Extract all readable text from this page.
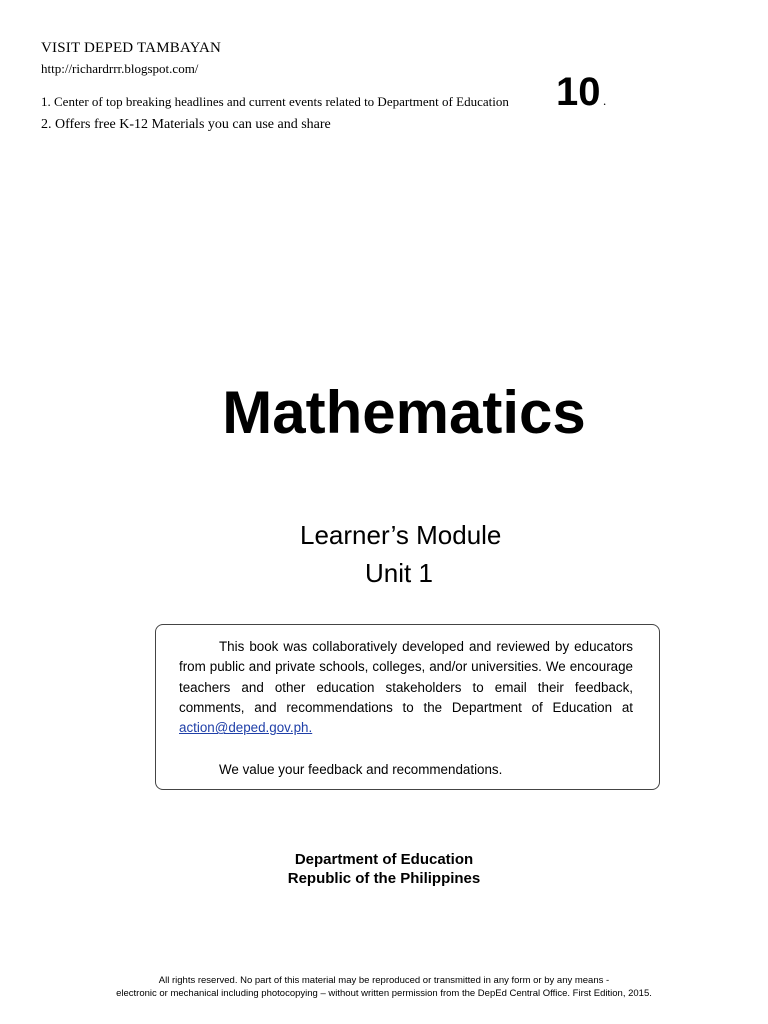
VISIT DEPED TAMBAYAN
http://richardrrr.blogspot.com/
1. Center of top breaking headlines and current events related to Department of Education
2. Offers free K-12 Materials you can use and share
10 .
Mathematics
Learner’s Module
Unit 1

This book was collaboratively developed and reviewed by educators from public and private schools, colleges, and/or universities. We encourage teachers and other education stakeholders to email their feedback, comments, and recommendations to the Department of Education at action@deped.gov.ph.

We value your feedback and recommendations.
Department of Education
Republic of the Philippines
All rights reserved. No part of this material may be reproduced or transmitted in any form or by any means -
electronic or mechanical including photocopying – without written permission from the DepEd Central Office. First Edition, 2015.
